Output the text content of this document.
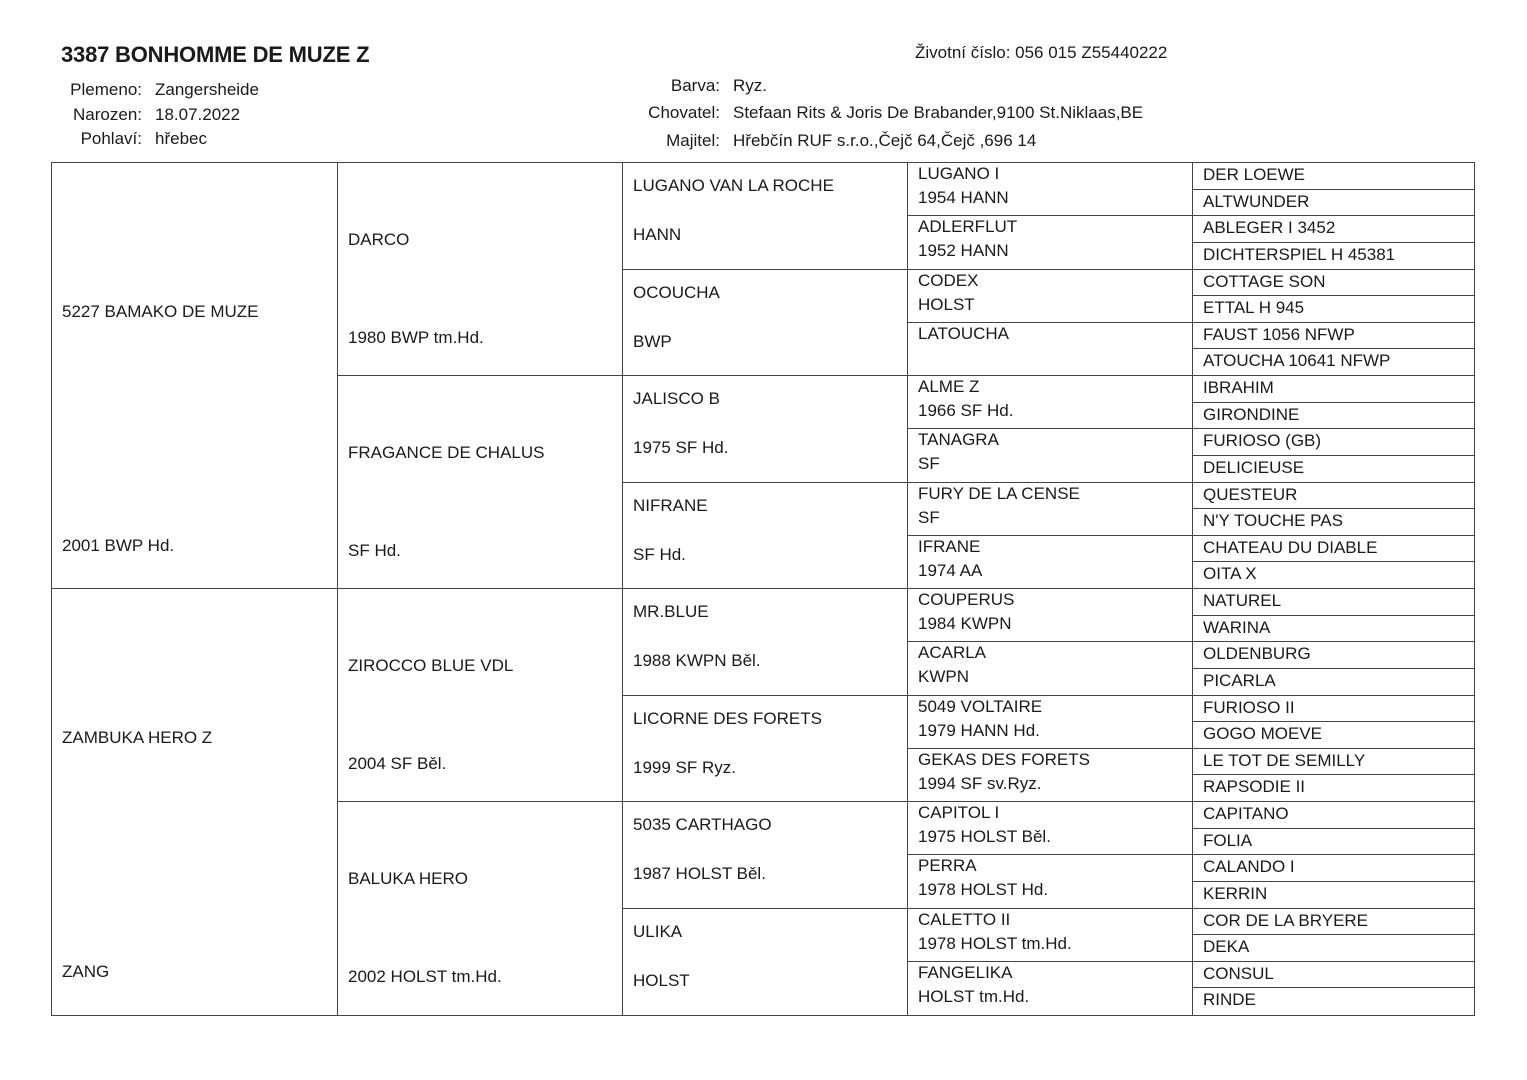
3387 BONHOMME DE MUZE Z	Životní číslo: 056 015 Z55440222
Plemeno: Zangersheide
Narozen: 18.07.2022
Pohlaví: hřebec
Barva: Ryz.
Chovatel: Stefaan Rits & Joris De Brabander,9100 St.Niklaas,BE
Majitel: Hřebčín RUF s.r.o.,Čejč 64,Čejč ,696 14
5227 BAMAKO DE MUZE
2001 BWP Hd.
ZAMBUKA HERO Z
ZANG
DARCO
1980 BWP tm.Hd.
FRAGANCE DE CHALUS
SF Hd.
ZIROCCO BLUE VDL
2004 SF Běl.
BALUKA HERO
2002 HOLST tm.Hd.
LUGANO VAN LA ROCHE
HANN
OCOUCHA
BWP
JALISCO B
1975 SF Hd.
NIFRANE
SF Hd.
MR.BLUE
1988 KWPN Běl.
LICORNE DES FORETS
1999 SF Ryz.
5035 CARTHAGO
1987 HOLST Běl.
ULIKA
HOLST
LUGANO I
1954 HANN
ADLERFLUT
1952 HANN
CODEX
HOLST
LATOUCHA
ALME Z
1966 SF Hd.
TANAGRA
SF
FURY DE LA CENSE
SF
IFRANE
1974 AA
COUPERUS
1984 KWPN
ACARLA
KWPN
5049 VOLTAIRE
1979 HANN Hd.
GEKAS DES FORETS
1994 SF sv.Ryz.
CAPITOL I
1975 HOLST Běl.
PERRA
1978 HOLST Hd.
CALETTO II
1978 HOLST tm.Hd.
FANGELIKA
HOLST tm.Hd.
DER LOEWE
ALTWUNDER
ABLEGER I 3452
DICHTERSPIEL H 45381
COTTAGE SON
ETTAL H 945
FAUST 1056 NFWP
ATOUCHA 10641 NFWP
IBRAHIM
GIRONDINE
FURIOSO (GB)
DELICIEUSE
QUESTEUR
N'Y TOUCHE PAS
CHATEAU DU DIABLE
OITA X
NATUREL
WARINA
OLDENBURG
PICARLA
FURIOSO II
GOGO MOEVE
LE TOT DE SEMILLY
RAPSODIE II
CAPITANO
FOLIA
CALANDO I
KERRIN
COR DE LA BRYERE
DEKA
CONSUL
RINDE
